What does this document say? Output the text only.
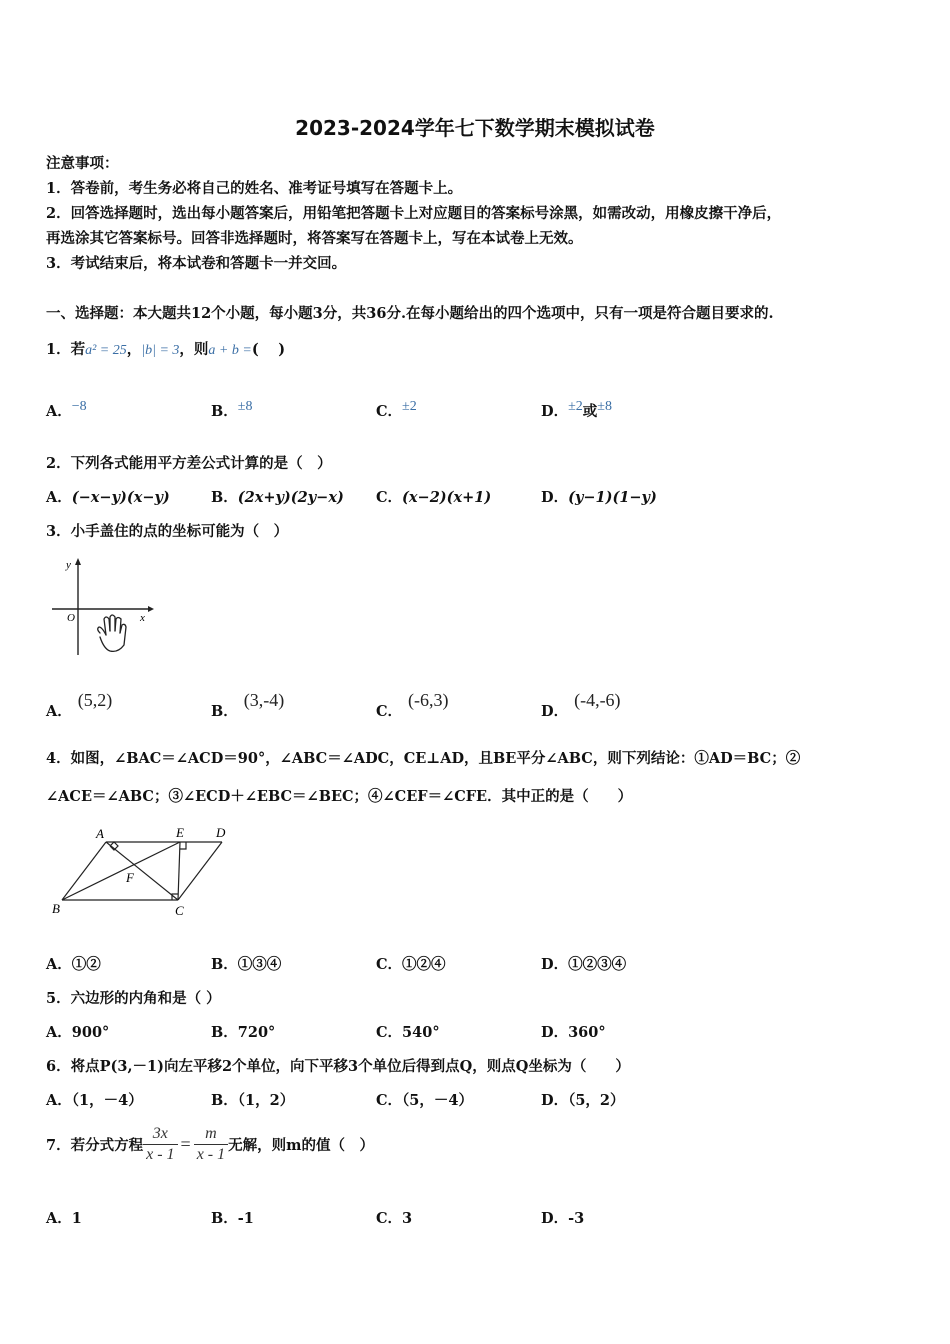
2023-2024学年七下数学期末模拟试卷
注意事项：
1．答卷前，考生务必将自己的姓名、准考证号填写在答题卡上。
2．回答选择题时，选出每小题答案后，用铅笔把答题卡上对应题目的答案标号涂黑，如需改动，用橡皮擦干净后，
再选涂其它答案标号。回答非选择题时，将答案写在答题卡上，写在本试卷上无效。
3．考试结束后，将本试卷和答题卡一并交回。
一、选择题：本大题共12个小题，每小题3分，共36分.在每小题给出的四个选项中，只有一项是符合题目要求的.
1．若a² = 25，|b| = 3，则a + b =(　 )
A．−8	B．±8	C．±2	D．±2或±8
2．下列各式能用平方差公式计算的是（　）
A．(−x−y)(x−y)	B．(2x+y)(2y−x) C．(x−2)(x+1)	D．(y−1)(1−y)
3．小手盖住的点的坐标可能为（　）
y
x
O
A．(5,2)
B．(3,‑4)
C．(‑6,3)
D．(‑4,‑6)
4．如图，∠BAC＝∠ACD＝90°，∠ABC＝∠ADC，CE⊥AD，且BE平分∠ABC，则下列结论：①AD＝BC；②
∠ACE＝∠ABC；③∠ECD＋∠EBC＝∠BEC；④∠CEF＝∠CFE．其中正的是（　　）
A	E D
F
B	C
A．①②	B．①③④	C．①②④	D．①②③④
5．六边形的内角和是（ ）
A．900°	B．720°	C．540°	D．360°
6．将点P(3,－1)向左平移2个单位，向下平移3个单位后得到点Q，则点Q坐标为（　　）
A．（1，－4）	B．（1，2）	C．（5，－4）	D．（5，2）
7．若分式方程 $\frac{3x}{x - 1} = \frac{m}{x - 1}$ 无解，则m的值（　）
A．1	B．-1	C．3	D．-3
